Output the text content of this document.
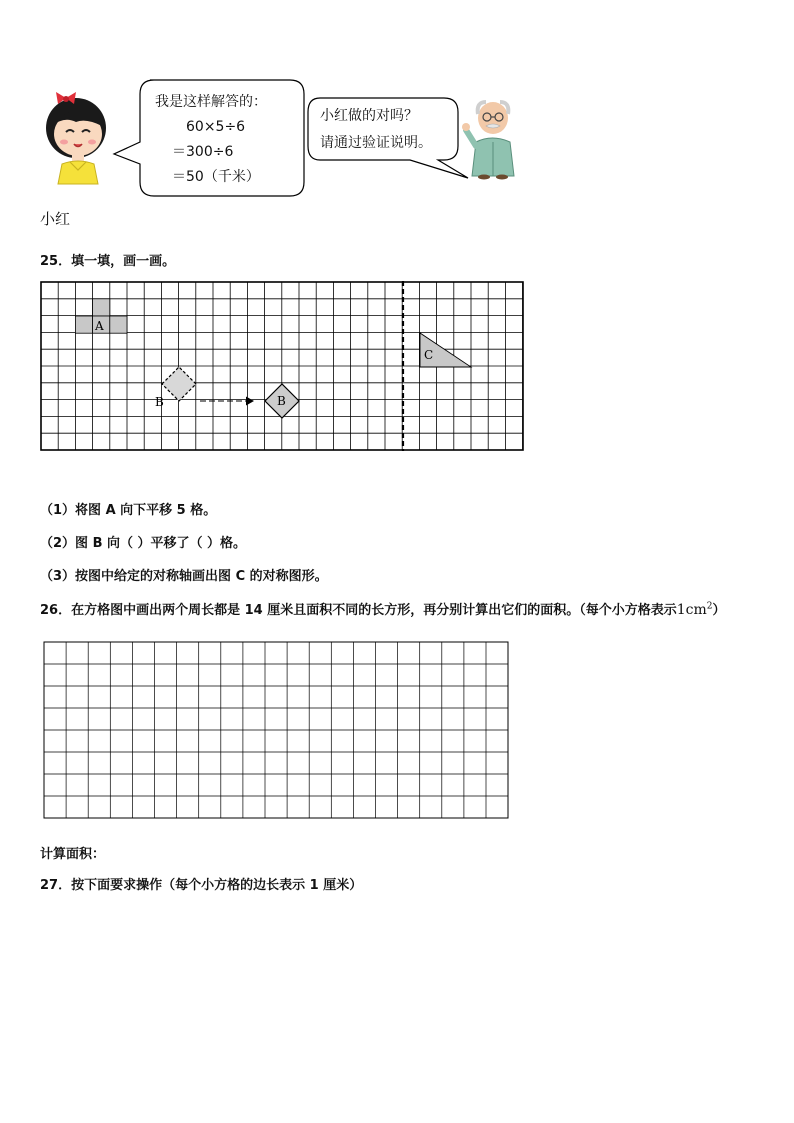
我是这样解答的：
60×5÷6
＝300÷6
＝50（千米）
小红做的对吗？
请通过验证说明。
小红
25．填一填，画一画。
A
B	B
C
（1）将图 A 向下平移 5 格。
（2）图 B 向（ ）平移了（ ）格。
（3）按图中给定的对称轴画出图 C 的对称图形。
26．在方格图中画出两个周长都是 14 厘米且面积不同的长方形，再分别计算出它们的面积。（每个小方格表示$1cm^2$）
计算面积：
27．按下面要求操作（每个小方格的边长表示 1 厘米）
